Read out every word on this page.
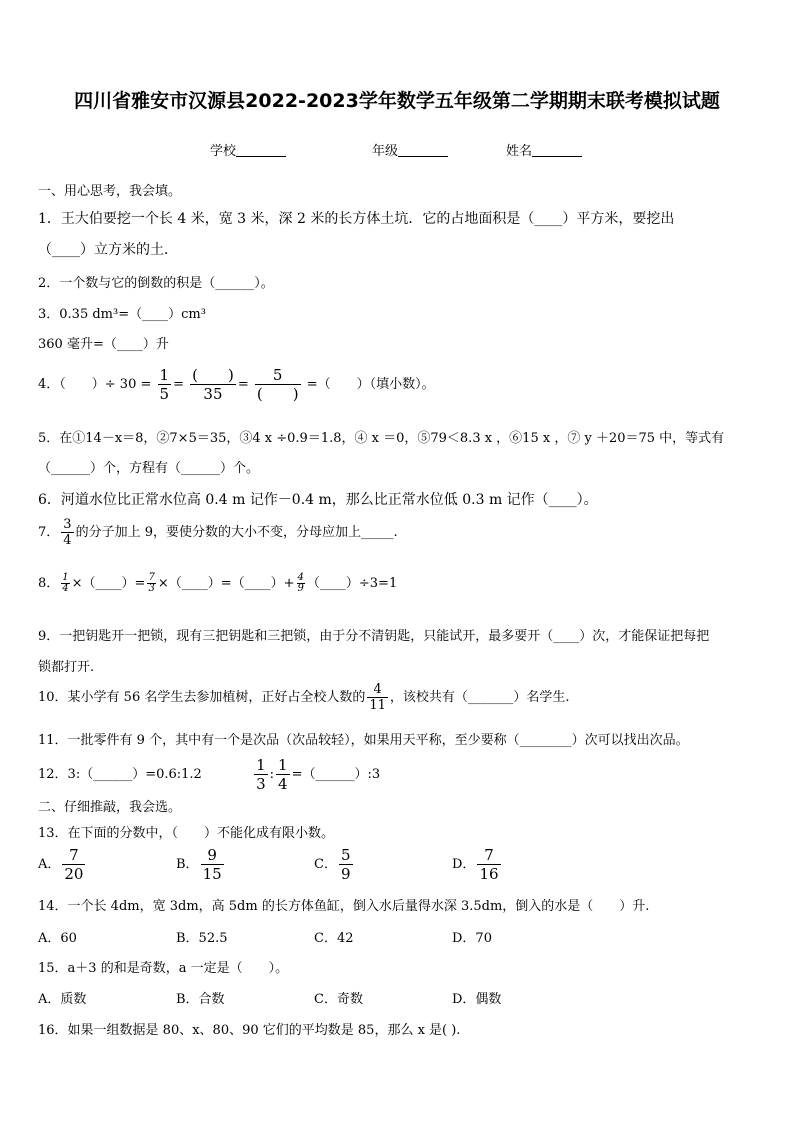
四川省雅安市汉源县2022-2023学年数学五年级第二学期期末联考模拟试题
学校	年级	姓名
一、用心思考，我会填。
1．王大伯要挖一个长 4 米，宽 3 米，深 2 米的长方体土坑．它的占地面积是（____）平方米，要挖出
（____）立方米的土．
2．一个数与它的倒数的积是（______）。
3．0.35 dm³=（____）cm³
360 毫升=（____）升
4．（　　）÷ $30 = \frac{1}{5} = \frac{( )}{35} = \frac{5}{( )}$ =（　　）（填小数）。
5．在①14－x＝8，②7×5＝35，③4 x ÷0.9＝1.8，④ x ＝0，⑤79＜8.3 x ，⑥15 x ，⑦ y ＋20＝75 中，等式有
（______）个，方程有（______）个。
6．河道水位比正常水位高 0.4 m 记作－0.4 m，那么比正常水位低 0.3 m 记作（____）。
7． $\frac{3}{4}$ 的分子加上 9，要使分数的大小不变，分母应加上_____.
8． $\frac{1}{4}$ ×（____）= $\frac{7}{3}$ ×（____）=（____）+ $\frac{4}{9}$ （____）÷3=1
9．一把钥匙开一把锁，现有三把钥匙和三把锁，由于分不清钥匙，只能试开，最多要开（____）次，才能保证把每把
锁都打开.
10．某小学有 56 名学生去参加植树，正好占全校人数的 $\frac{4}{11}$ ，该校共有（_______）名学生.
11．一批零件有 9 个，其中有一个是次品（次品较轻），如果用天平称，至少要称（________）次可以找出次品。
12．3:（______）=0.6:1.2	$\frac{1}{3}$ : $\frac{1}{4}$ =（______）:3
二、仔细推敲，我会选。
13．在下面的分数中，（　　）不能化成有限小数。
A． $\frac{7}{20}$	B． $\frac{9}{15}$	C． $\frac{5}{9}$	D． $\frac{7}{16}$
14．一个长 4dm，宽 3dm，高 5dm 的长方体鱼缸，倒入水后量得水深 3.5dm，倒入的水是（　　）升.
A．60	B．52.5	C．42	D．70
15．a＋3 的和是奇数，a 一定是（　　）。
A．质数	B．合数	C．奇数	D．偶数
16．如果一组数据是 80、x、80、90 它们的平均数是 85，那么 x 是( ).
